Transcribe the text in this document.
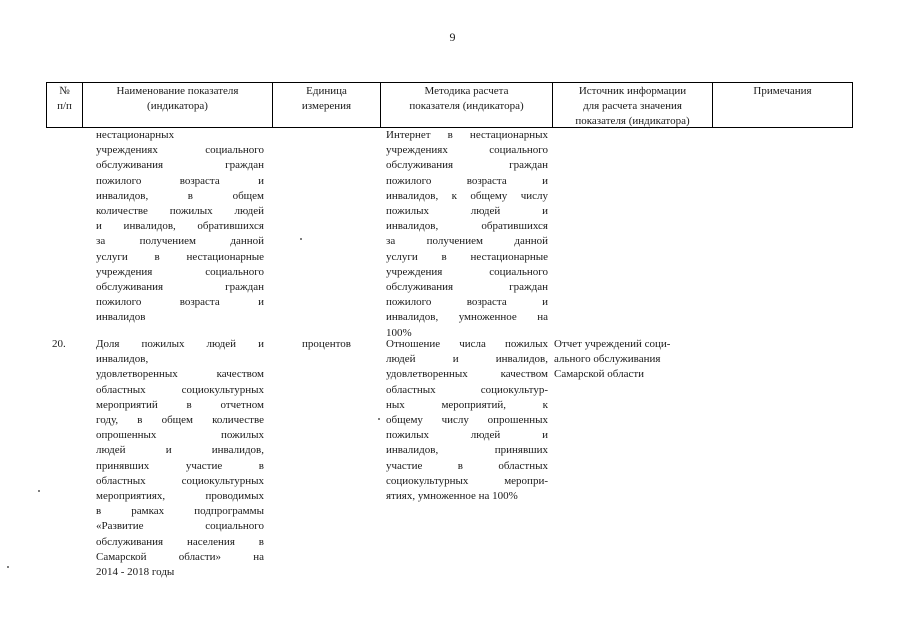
9
№
п/п
Наименование показателя
(индикатора)
Единица
измерения
Методика расчета
показателя (индикатора)
Источник информации
для расчета значения
показателя (индикатора)
Примечания
нестационарных
учреждениях социального
обслуживания граждан
пожилого возраста и
инвалидов, в общем
количестве пожилых людей
и инвалидов, обратившихся
за получением данной
услуги в нестационарные
учреждения социального
обслуживания граждан
пожилого возраста и
инвалидов
Интернет в нестационарных
учреждениях социального
обслуживания граждан
пожилого возраста и
инвалидов, к общему числу
пожилых людей и
инвалидов, обратившихся
за получением данной
услуги в нестационарные
учреждения социального
обслуживания граждан
пожилого возраста и
инвалидов, умноженное на
100%
20.	Доля пожилых людей и
инвалидов,
удовлетворенных качеством
областных социокультурных
мероприятий в отчетном
году, в общем количестве
опрошенных пожилых
людей и инвалидов,
принявших участие в
областных социокультурных
мероприятиях, проводимых
в рамках подпрограммы
«Развитие социального
обслуживания населения в
Самарской области» на
2014 - 2018 годы
процентов	Отношение числа пожилых
людей и инвалидов,
удовлетворенных качеством
областных социокультур-
ных мероприятий, к
общему числу опрошенных
пожилых людей и
инвалидов, принявших
участие в областных
социокультурных меропри-
ятиях, умноженное на 100%
Отчет учреждений соци-
ального обслуживания
Самарской области
